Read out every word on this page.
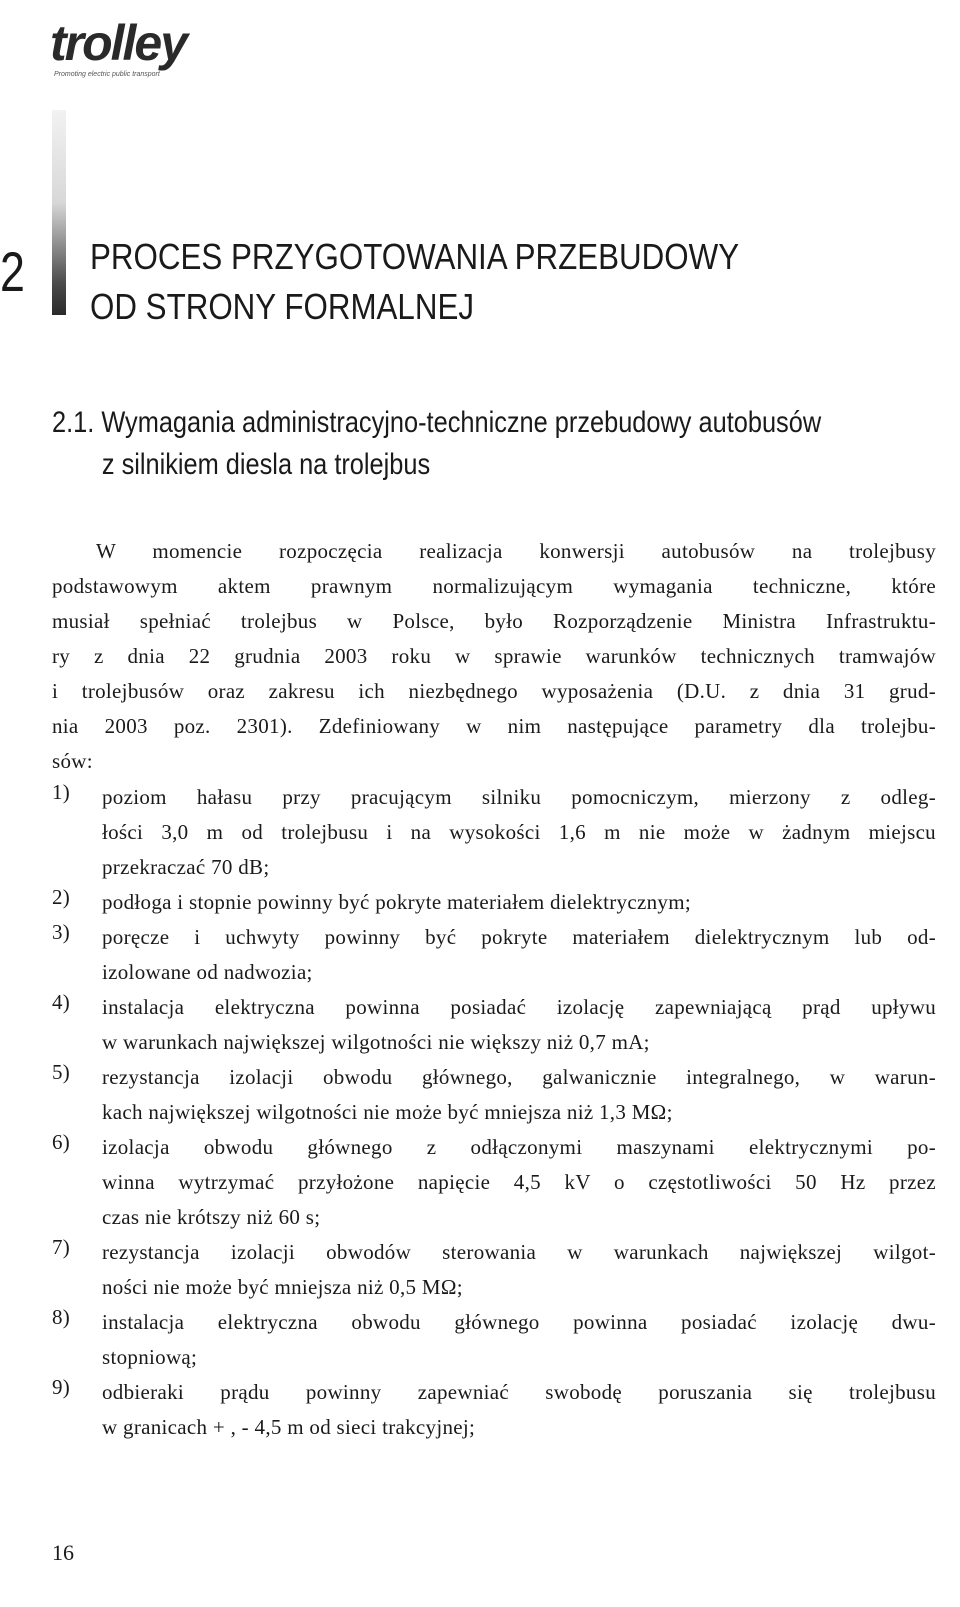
trolley
Promoting electric public transport
2	PROCES PRZYGOTOWANIA PRZEBUDOWY
OD STRONY FORMALNEJ
2.1. Wymagania administracyjno-techniczne przebudowy autobusów
z silnikiem diesla na trolejbus
W momencie rozpoczęcia realizacja konwersji autobusów na trolejbusy
podstawowym aktem prawnym normalizującym wymagania techniczne, które
musiał spełniać trolejbus w Polsce, było Rozporządzenie Ministra Infrastruktu-
ry z dnia 22 grudnia 2003 roku w sprawie warunków technicznych tramwajów
i trolejbusów oraz zakresu ich niezbędnego wyposażenia (D.U. z dnia 31 grud-
nia 2003 poz. 2301). Zdefiniowany w nim następujące parametry dla trolejbu-
sów:
1)	poziom hałasu przy pracującym silniku pomocniczym, mierzony z odleg-
łości 3,0 m od trolejbusu i na wysokości 1,6 m nie może w żadnym miejscu
przekraczać 70 dB;
2)	podłoga i stopnie powinny być pokryte materiałem dielektrycznym;
3)	poręcze i uchwyty powinny być pokryte materiałem dielektrycznym lub od-
izolowane od nadwozia;
4)	instalacja elektryczna powinna posiadać izolację zapewniającą prąd upływu
w warunkach największej wilgotności nie większy niż 0,7 mA;
5)	rezystancja izolacji obwodu głównego, galwanicznie integralnego, w warun-
kach największej wilgotności nie może być mniejsza niż 1,3 MΩ;
6)	izolacja obwodu głównego z odłączonymi maszynami elektrycznymi po-
winna wytrzymać przyłożone napięcie 4,5 kV o częstotliwości 50 Hz przez
czas nie krótszy niż 60 s;
7)	rezystancja izolacji obwodów sterowania w warunkach największej wilgot-
ności nie może być mniejsza niż 0,5 MΩ;
8)	instalacja elektryczna obwodu głównego powinna posiadać izolację dwu-
stopniową;
9)	odbieraki prądu powinny zapewniać swobodę poruszania się trolejbusu
w granicach + , - 4,5 m od sieci trakcyjnej;
16
